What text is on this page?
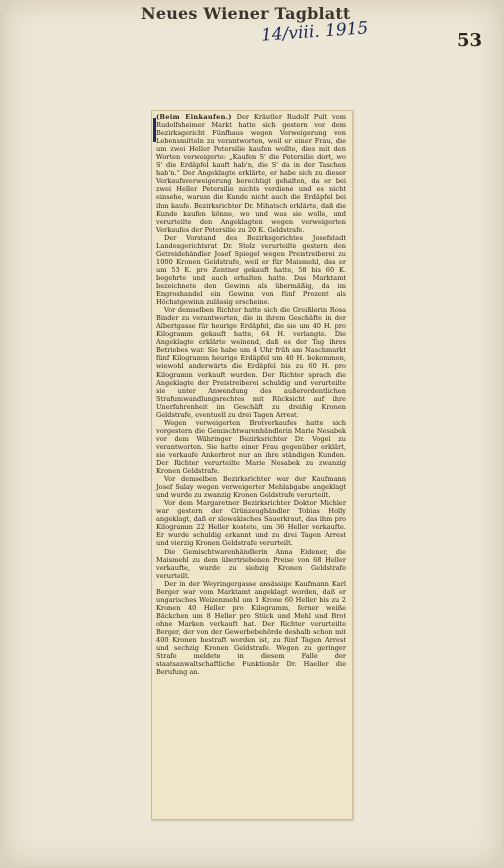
Neues Wiener Tagblatt
14/viii. 1915	53

(Beim Einkaufen.) Der Kräutler Rudolf Pult vom Rudolfsheimer Markt hatte sich gestern vor dem Bezirksgericht Fünfhaus wegen Verweigerung von Lebensmitteln zu verantworten, weil er einer Frau, die um zwei Heller Petersilie kaufen wollte, dies mit den Worten verweigerte: „Kaufen S' die Petersilie dort, wo S' die Erdäpfel kauft hab'n, die S' da in der Taschen hab'n.“ Der Angeklagte erklärte, er habe sich zu dieser Verkaufsverweigerung berechtigt gehalten, da er bei zwei Heller Petersilie nichts verdiene und es nicht einsehe, warum die Kunde nicht auch die Erdäpfel bei ihm kaufe. Bezirksrichter Dr. Mihatsch erklärte, daß die Kunde kaufen könne, wo und was sie wolle, und verurteilte den Angeklagten wegen verweigerten Verkaufes der Petersilie zu 20 K. Geldstrafe.

Der Vorstand des Bezirksgerichtes Josefstadt Landesgerichtsrat Dr. Stolz verurteilte gestern den Getreidehändler Josef Spiegel wegen Preistreiberei zu 1000 Kronen Geldstrafe, weil er für Maismehl, das er um 53 K. pro Zentner gekauft hatte, 58 bis 60 K. begehrte und auch erhalten hatte. Das Marktamt bezeichnete den Gewinn als übermäßig, da im Engroshandel ein Gewinn von fünf Prozent als Höchstgewinn zulässig erscheine.

Vor demselben Richter hatte sich die Greißlerin Rosa Binder zu verantworten, die in ihrem Geschäfte in der Albertgasse für heurige Erdäpfel, die sie um 40 H. pro Kilogramm gekauft hatte, 64 H. verlangte. Die Angeklagte erklärte weinend, daß es der Tag ihres Betriebes war. Sie habe um 4 Uhr früh am Naschmarkt fünf Kilogramm heurige Erdäpfel um 40 H. bekommen, wiewohl anderwärts die Erdäpfel bis zu 60 H. pro Kilogramm verkauft wurden. Der Richter sprach die Angeklagte der Preistreiberei schuldig und verurteilte sie unter Anwendung des außerordentlichen Strafumwandlungsrechtes mit Rücksicht auf ihre Unerfahrenheit im Geschäft zu dreißig Kronen Geldstrafe, eventuell zu drei Tagen Arrest.

Wegen verweigerten Brotverkaufes hatte sich vorgestern die Gemischtwarenhändlerin Marie Nesabek vor dem Währinger Bezirksrichter Dr. Vogel zu verantworten. Sie hatte einer Frau gegenüber erklärt, sie verkaufe Ankerbrot nur an ihre ständigen Kunden. Der Richter verurteilte Marie Nesabek zu zwanzig Kronen Geldstrafe.

Vor demselben Bezirksrichter war der Kaufmann Josef Salay wegen verweigerter Mehlabgabe angeklagt und wurde zu zwanzig Kronen Geldstrafe verurteilt.

Vor dem Margaretner Bezirksrichter Doktor Michler war gestern der Grünzeughändler Tobias Holly angeklagt, daß er slowakisches Sauerkraut, das ihm pro Kilogramm 22 Heller kostete, um 36 Heller verkaufte. Er wurde schuldig erkannt und zu drei Tagen Arrest und vierzig Kronen Geldstrafe verurteilt.

Die Gemischtwarenhändlerin Anna Eidener, die Maismehl zu dem übertriebenen Preise von 68 Heller verkaufte, wurde zu siebzig Kronen Geldstrafe verurteilt.

Der in der Weyringergasse ansässige Kaufmann Karl Berger war vom Marktamt angeklagt worden, daß er ungarisches Weizenmehl um 1 Krone 60 Heller bis zu 2 Kronen 40 Heller pro Kilogramm, ferner weiße Bäckchen um 8 Heller pro Stück und Mehl und Brot ohne Marken verkauft hat. Der Richter verurteilte Berger, der von der Gewerbebehörde deshalb schon mit 400 Kronen bestraft worden ist, zu fünf Tagen Arrest und sechzig Kronen Geldstrafe. Wegen zu geringer Strafe meldete in diesem Falle der staatsanwaltschaftliche Funktionär Dr. Haeller die Berufung an.
